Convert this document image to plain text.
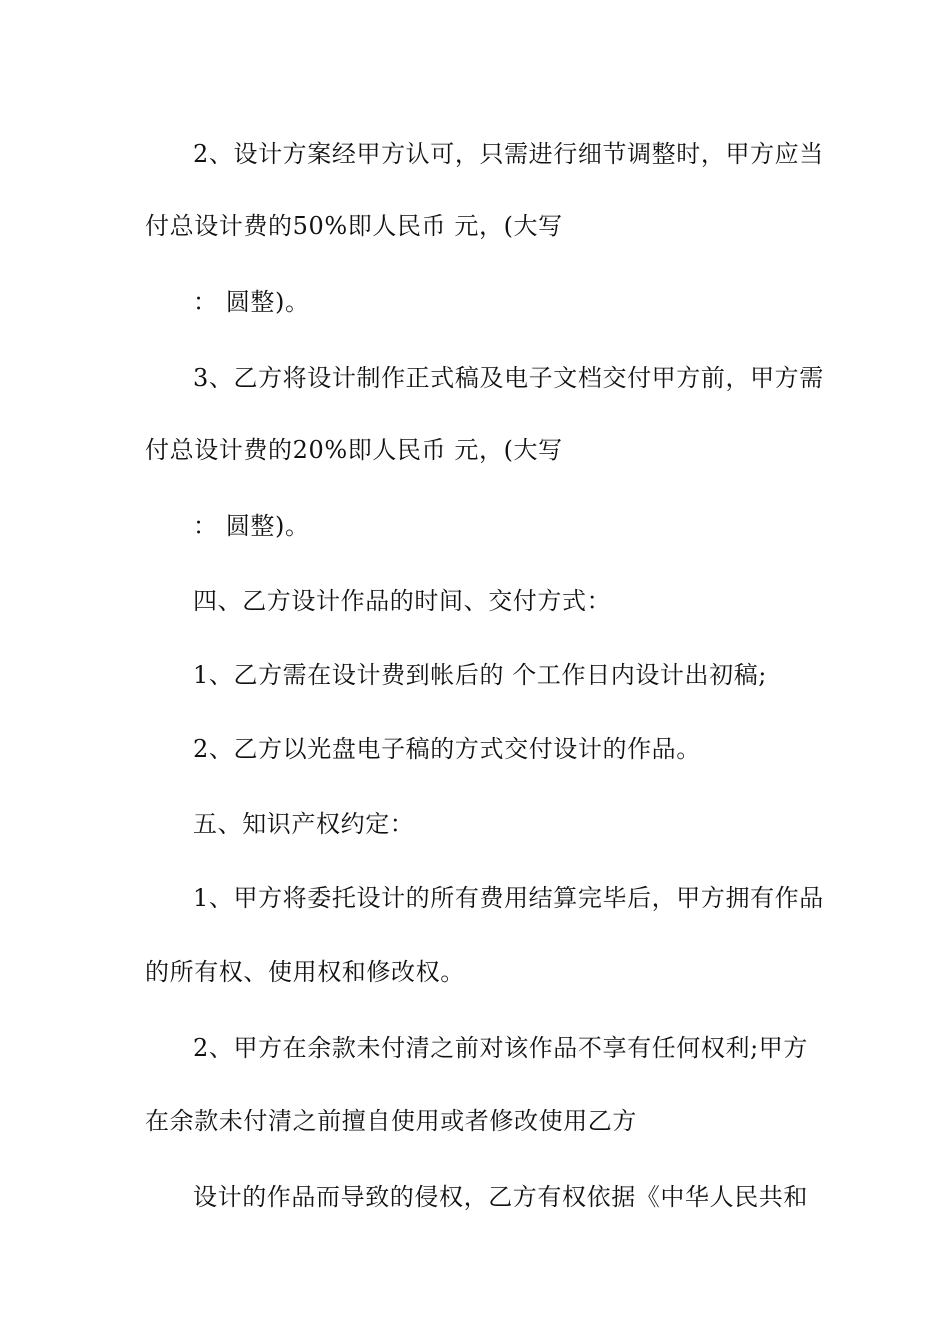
2、设计方案经甲方认可，只需进行细节调整时，甲方应当
付总设计费的50%即人民币 元，(大写
： 圆整)。
3、乙方将设计制作正式稿及电子文档交付甲方前，甲方需
付总设计费的20%即人民币 元，(大写
： 圆整)。
四、乙方设计作品的时间、交付方式：
1、乙方需在设计费到帐后的 个工作日内设计出初稿;
2、乙方以光盘电子稿的方式交付设计的作品。
五、知识产权约定：
1、甲方将委托设计的所有费用结算完毕后，甲方拥有作品
的所有权、使用权和修改权。
2、甲方在余款未付清之前对该作品不享有任何权利;甲方
在余款未付清之前擅自使用或者修改使用乙方
设计的作品而导致的侵权，乙方有权依据《中华人民共和
